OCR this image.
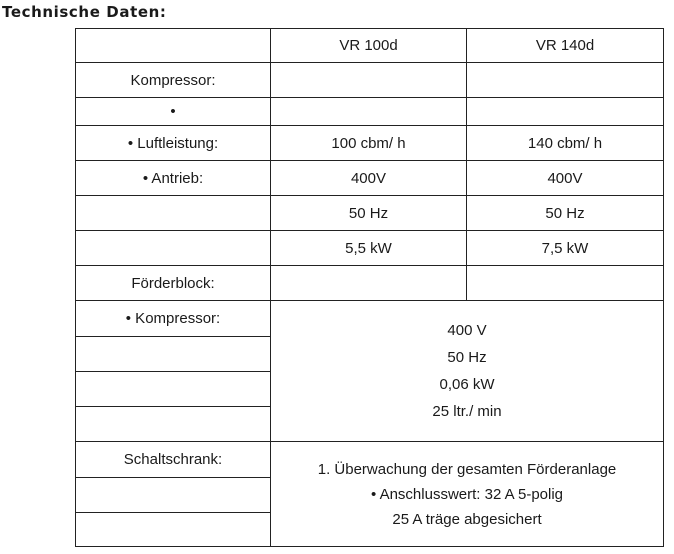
Technische Daten:
	VR 100d	VR 140d
Kompressor:		
•		
• Luftleistung:	100 cbm/ h	140 cbm/ h
• Antrieb:	400V	400V
	50 Hz	50 Hz
	5,5 kW	7,5 kW
Förderblock:		
• Kompressor:	400 V
50 Hz
0,06 kW
25 ltr./ min	

Schaltschrank:	1. Überwachung der gesamten Förderanlage
• Anschlusswert: 32 A 5-polig
25 A träge abgesichert	
